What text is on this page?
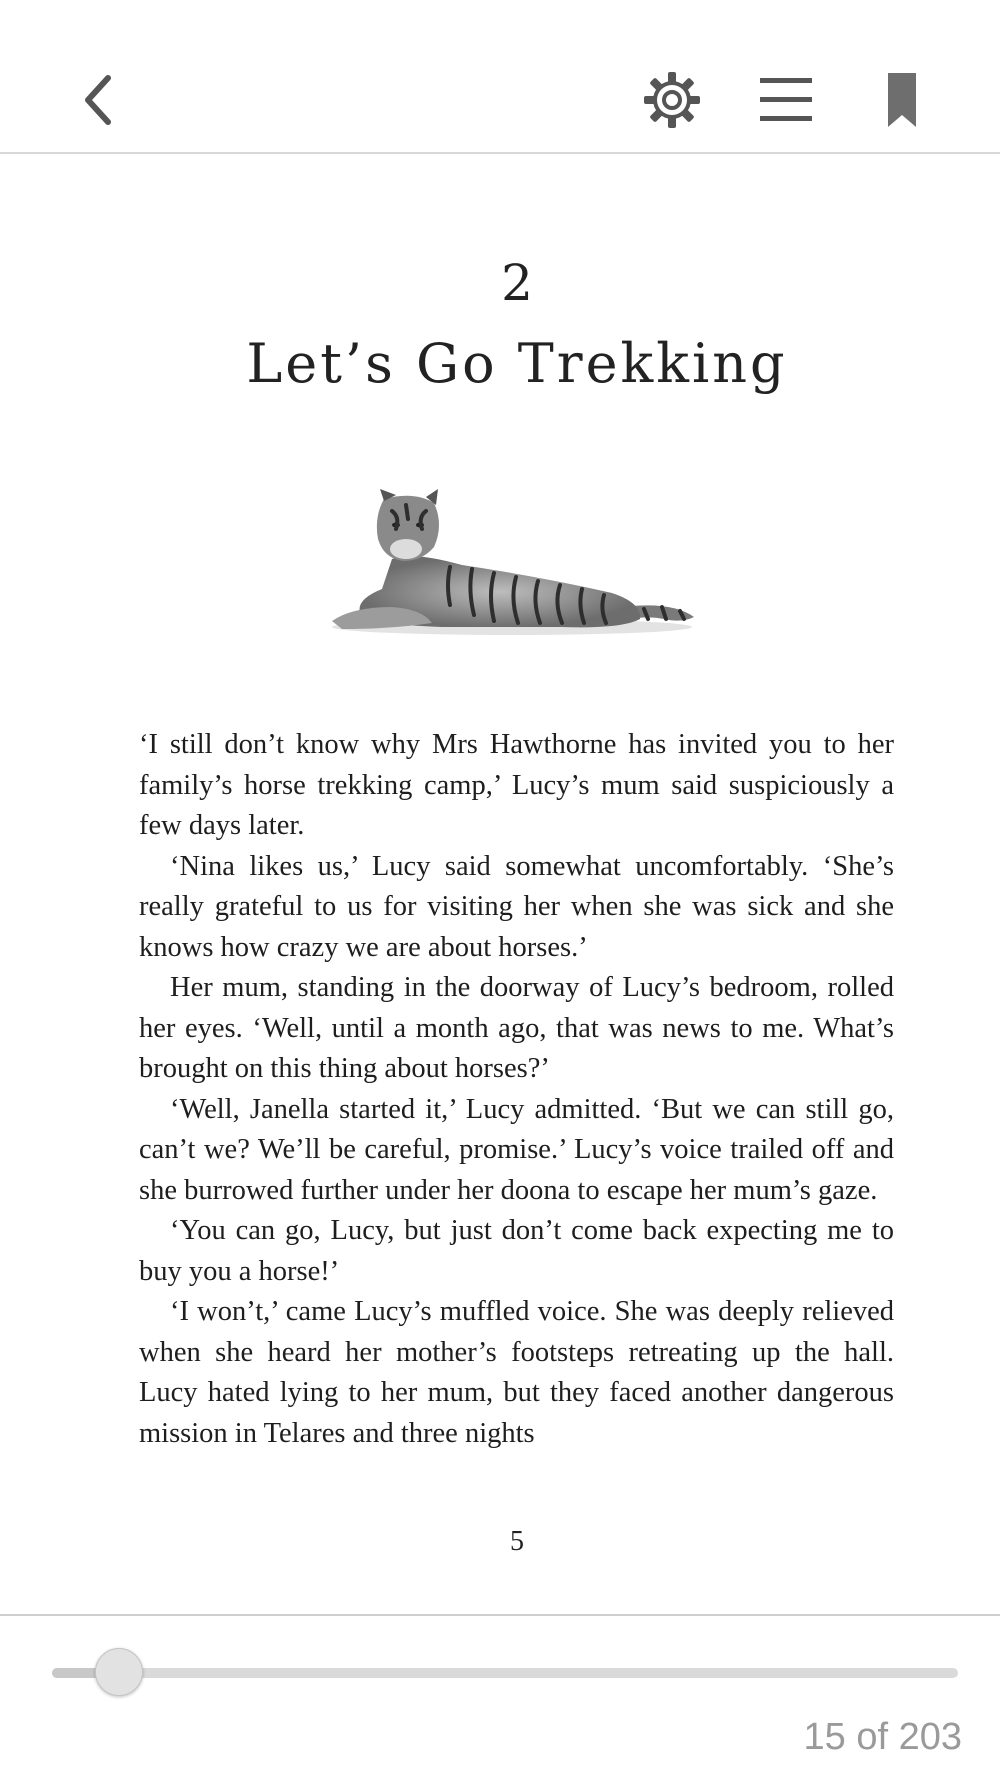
2
Let’s Go Trekking

‘I still don’t know why Mrs Hawthorne has invited you to her family’s horse trekking camp,’ Lucy’s mum said suspiciously a few days later.

‘Nina likes us,’ Lucy said somewhat uncomfortably. ‘She’s really grateful to us for visiting her when she was sick and she knows how crazy we are about horses.’

Her mum, standing in the doorway of Lucy’s bedroom, rolled her eyes. ‘Well, until a month ago, that was news to me. What’s brought on this thing about horses?’

‘Well, Janella started it,’ Lucy admitted. ‘But we can still go, can’t we? We’ll be careful, promise.’ Lucy’s voice trailed off and she burrowed further under her doona to escape her mum’s gaze.

‘You can go, Lucy, but just don’t come back expecting me to buy you a horse!’

‘I won’t,’ came Lucy’s muffled voice. She was deeply relieved when she heard her mother’s footsteps retreating up the hall. Lucy hated lying to her mum, but they faced another dangerous mission in Telares and three nights

5
15 of 203
